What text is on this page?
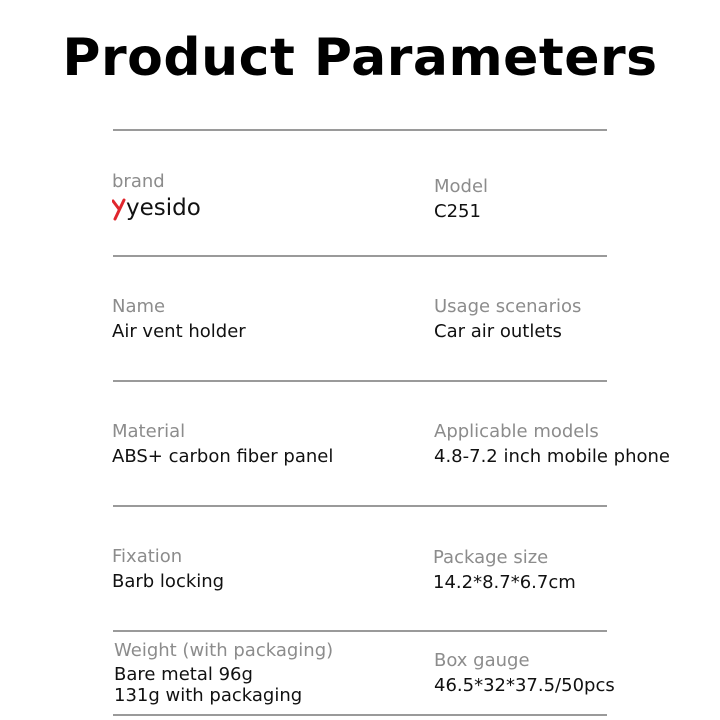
Product Parameters
brand
yesido
Model
C251
Name
Air vent holder
Usage scenarios
Car air outlets
Material
ABS+ carbon fiber panel
Applicable models
4.8-7.2 inch mobile phone
Fixation
Barb locking
Package size
14.2*8.7*6.7cm
Weight (with packaging)
Bare metal 96g
131g with packaging
Box gauge
46.5*32*37.5/50pcs
